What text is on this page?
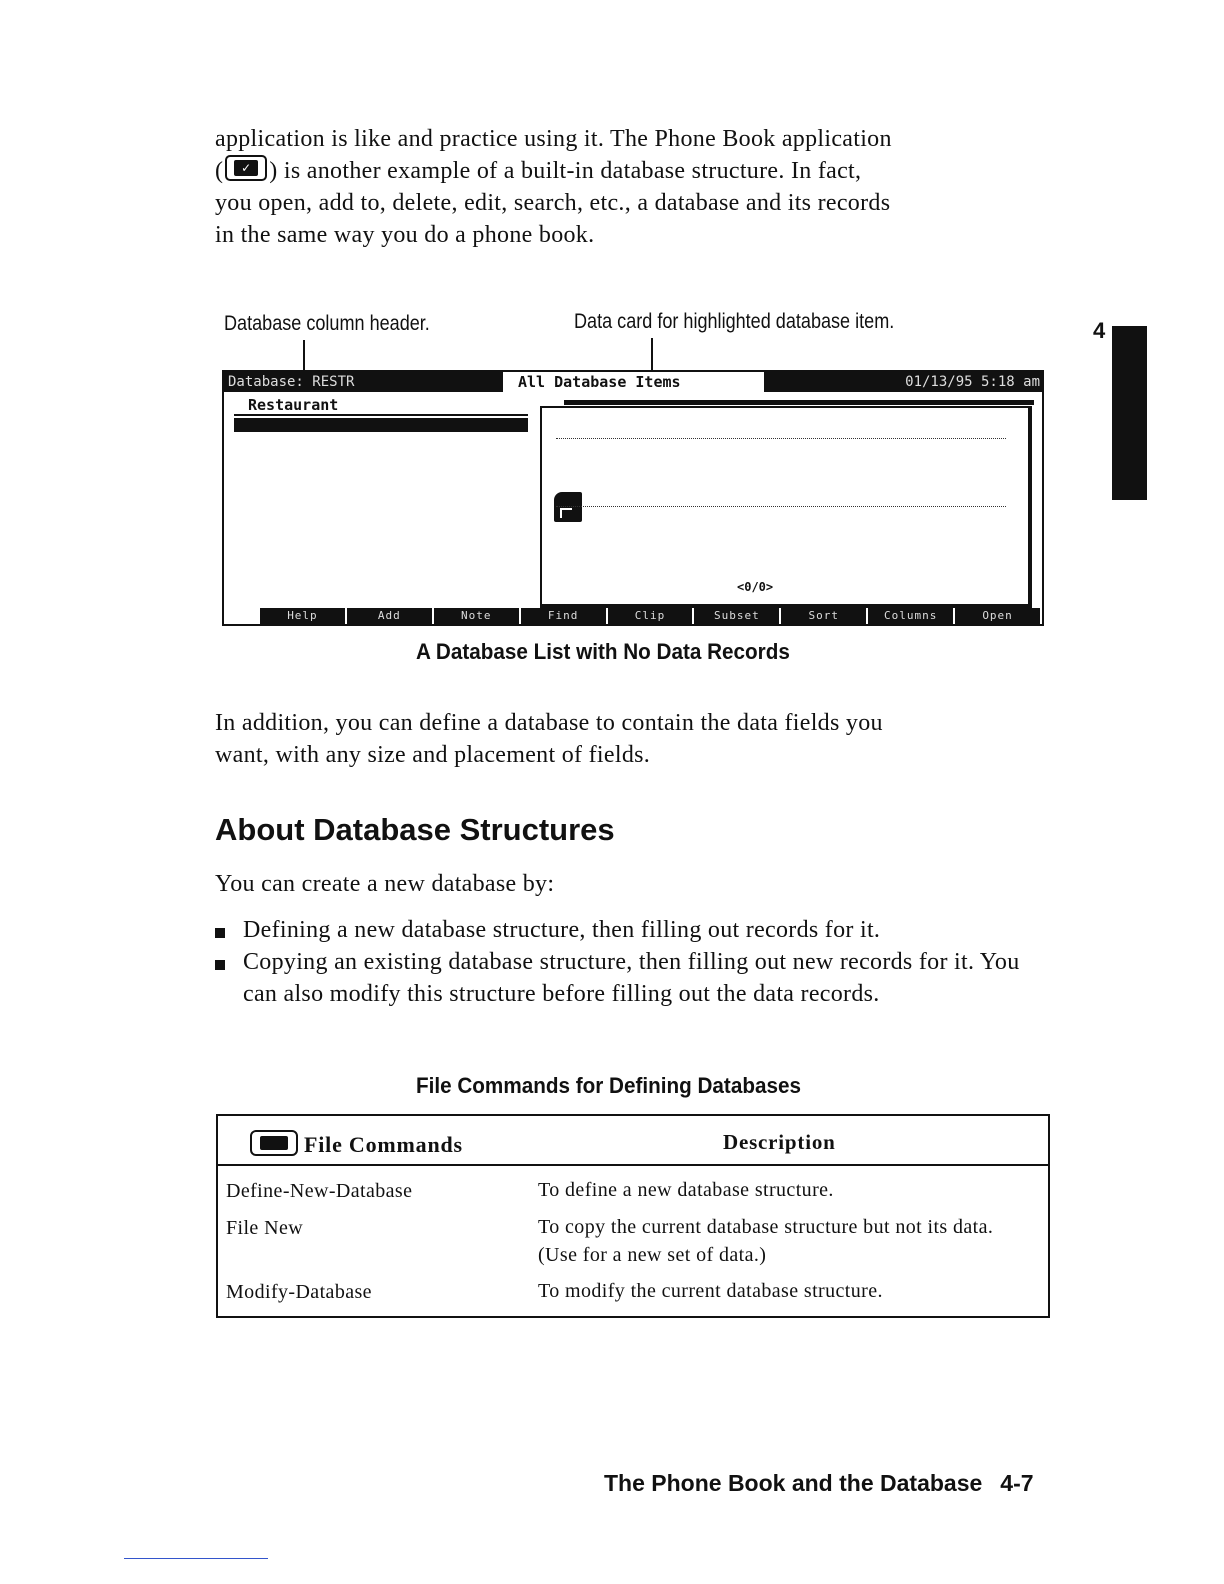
application is like and practice using it. The Phone Book application

(	✓ ) is another example of a built-in database structure. In fact,

you open, add to, delete, edit, search, etc., a database and its records

in the same way you do a phone book.

Database column header.	Data card for highlighted database item.	4
Database: RESTR	All Database Items	01/13/95 5:18 am
Restaurant
<0/0>
Help	Add	Note	Find	Clip	Subset	Sort	Columns	Open
A Database List with No Data Records

In addition, you can define a database to contain the data fields you

want, with any size and placement of fields.

About Database Structures
You can create a new database by:
Defining a new database structure, then filling out records for it.
Copying an existing database structure, then filling out new records for it. You can also modify this structure before filling out the data records.
File Commands for Defining Databases
File Commands	Description
Define-New-Database	To define a new database structure.
File New	To copy the current database structure but not its data. (Use for a new set of data.)
Modify-Database	To modify the current database structure.
The Phone Book and the Database 4-7
